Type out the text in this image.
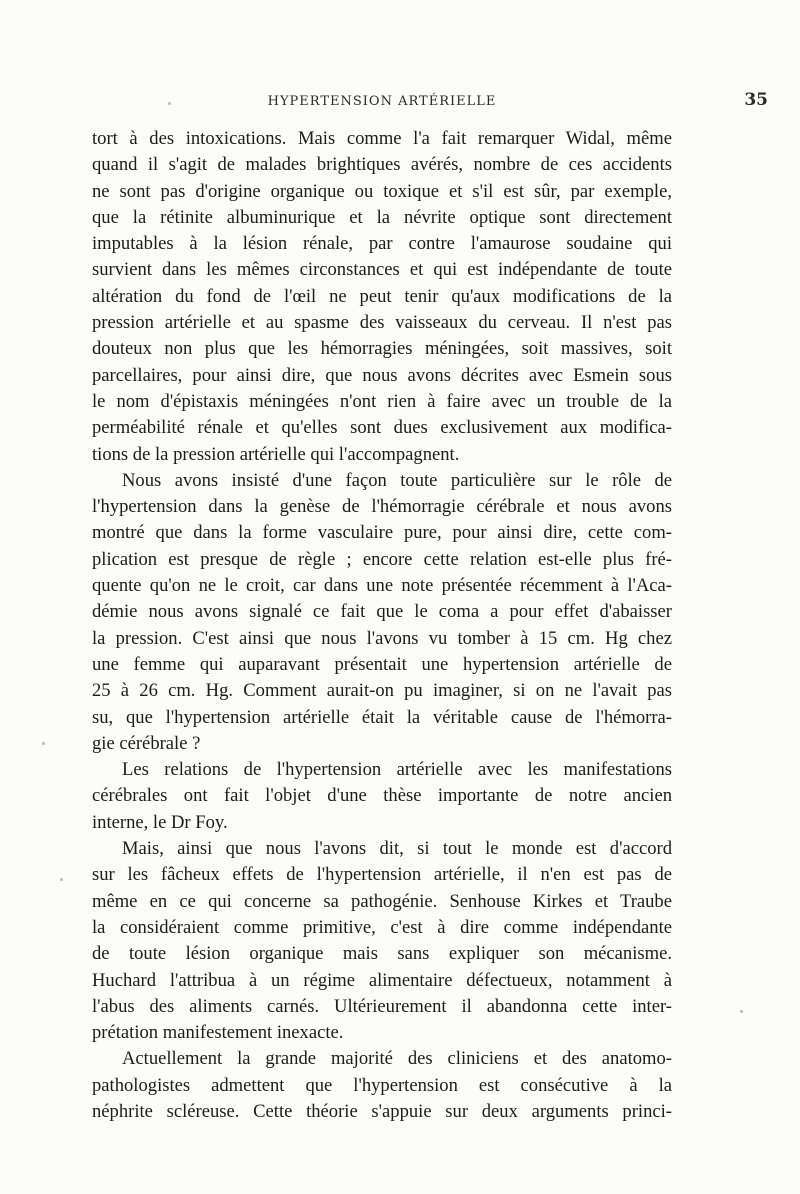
HYPERTENSION ARTÉRIELLE	35
tort à des intoxications. Mais comme l'a fait remarquer Widal, même
quand il s'agit de malades brightiques avérés, nombre de ces accidents
ne sont pas d'origine organique ou toxique et s'il est sûr, par exemple,
que la rétinite albuminurique et la névrite optique sont directement
imputables à la lésion rénale, par contre l'amaurose soudaine qui
survient dans les mêmes circonstances et qui est indépendante de toute
altération du fond de l'œil ne peut tenir qu'aux modifications de la
pression artérielle et au spasme des vaisseaux du cerveau. Il n'est pas
douteux non plus que les hémorragies méningées, soit massives, soit
parcellaires, pour ainsi dire, que nous avons décrites avec Esmein sous
le nom d'épistaxis méningées n'ont rien à faire avec un trouble de la
perméabilité rénale et qu'elles sont dues exclusivement aux modifica-
tions de la pression artérielle qui l'accompagnent.
Nous avons insisté d'une façon toute particulière sur le rôle de
l'hypertension dans la genèse de l'hémorragie cérébrale et nous avons
montré que dans la forme vasculaire pure, pour ainsi dire, cette com-
plication est presque de règle ; encore cette relation est-elle plus fré-
quente qu'on ne le croit, car dans une note présentée récemment à l'Aca-
démie nous avons signalé ce fait que le coma a pour effet d'abaisser
la pression. C'est ainsi que nous l'avons vu tomber à 15 cm. Hg chez
une femme qui auparavant présentait une hypertension artérielle de
25 à 26 cm. Hg. Comment aurait-on pu imaginer, si on ne l'avait pas
su, que l'hypertension artérielle était la véritable cause de l'hémorra-
gie cérébrale ?
Les relations de l'hypertension artérielle avec les manifestations
cérébrales ont fait l'objet d'une thèse importante de notre ancien
interne, le Dr Foy.
Mais, ainsi que nous l'avons dit, si tout le monde est d'accord
sur les fâcheux effets de l'hypertension artérielle, il n'en est pas de
même en ce qui concerne sa pathogénie. Senhouse Kirkes et Traube
la considéraient comme primitive, c'est à dire comme indépendante
de toute lésion organique mais sans expliquer son mécanisme.
Huchard l'attribua à un régime alimentaire défectueux, notamment à
l'abus des aliments carnés. Ultérieurement il abandonna cette inter-
prétation manifestement inexacte.
Actuellement la grande majorité des cliniciens et des anatomo-
pathologistes admettent que l'hypertension est consécutive à la
néphrite scléreuse. Cette théorie s'appuie sur deux arguments princi-
